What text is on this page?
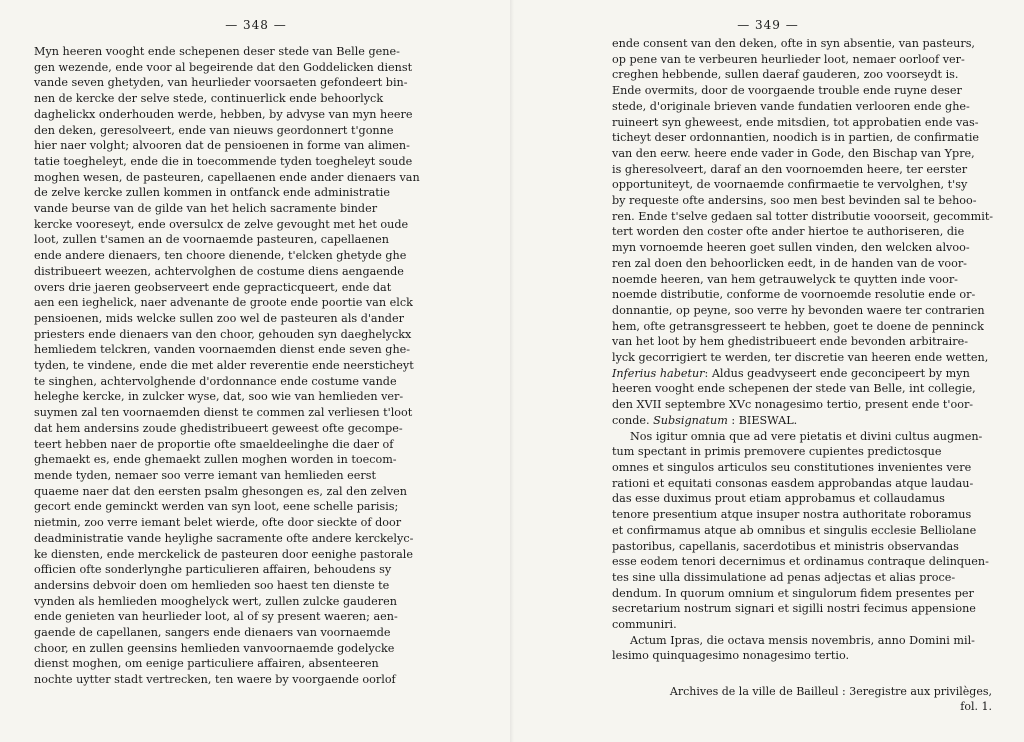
— 348 —
Myn heeren vooght ende schepenen deser stede van Belle gene-
gen wezende, ende voor al begeirende dat den Goddelicken dienst
vande seven ghetyden, van heurlieder voorsaeten gefondeert bin-
nen de kercke der selve stede, continuerlick ende behoorlyck
daghelickx onderhouden werde, hebben, by advyse van myn heere
den deken, geresolveert, ende van nieuws geordonnert t'gonne
hier naer volght; alvooren dat de pensioenen in forme van alimen-
tatie toegheleyt, ende die in toecommende tyden toegheleyt soude
moghen wesen, de pasteuren, capellaenen ende ander dienaers van
de zelve kercke zullen kommen in ontfanck ende administratie
vande beurse van de gilde van het helich sacramente binder
kercke vooreseyt, ende oversulcx de zelve gevought met het oude
loot, zullen t'samen an de voornaemde pasteuren, capellaenen
ende andere dienaers, ten choore dienende, t'elcken ghetyde ghe
distribueert weezen, achtervolghen de costume diens aengaende
overs drie jaeren geobserveert ende gepracticqueert, ende dat
aen een ieghelick, naer advenante de groote ende poortie van elck
pensioenen, mids welcke sullen zoo wel de pasteuren als d'ander
priesters ende dienaers van den choor, gehouden syn daeghelyckx
hemliedem telckren, vanden voornaemden dienst ende seven ghe-
tyden, te vindene, ende die met alder reverentie ende neersticheyt
te singhen, achtervolghende d'ordonnance ende costume vande
heleghe kercke, in zulcker wyse, dat, soo wie van hemlieden ver-
suymen zal ten voornaemden dienst te commen zal verliesen t'loot
dat hem andersins zoude ghedistribueert geweest ofte gecompe-
teert hebben naer de proportie ofte smaeldeelinghe die daer of
ghemaekt es, ende ghemaekt zullen moghen worden in toecom-
mende tyden, nemaer soo verre iemant van hemlieden eerst
quaeme naer dat den eersten psalm ghesongen es, zal den zelven
gecort ende geminckt werden van syn loot, eene schelle parisis;
nietmin, zoo verre iemant belet wierde, ofte door sieckte of door
deadministratie vande heylighe sacramente ofte andere kerckelyc-
ke diensten, ende merckelick de pasteuren door eenighe pastorale
officien ofte sonderlynghe particulieren affairen, behoudens sy
andersins debvoir doen om hemlieden soo haest ten dienste te
vynden als hemlieden mooghelyck wert, zullen zulcke gauderen
ende genieten van heurlieder loot, al of sy present waeren; aen-
gaende de capellanen, sangers ende dienaers van voornaemde
choor, en zullen geensins hemlieden vanvoornaemde godelycke
dienst moghen, om eenige particuliere affairen, absenteeren
nochte uytter stadt vertrecken, ten waere by voorgaende oorlof
— 349 —
ende consent van den deken, ofte in syn absentie, van pasteurs,
op pene van te verbeuren heurlieder loot, nemaer oorloof ver-
creghen hebbende, sullen daeraf gauderen, zoo voorseydt is.
Ende overmits, door de voorgaende trouble ende ruyne deser
stede, d'originale brieven vande fundatien verlooren ende ghe-
ruineert syn gheweest, ende mitsdien, tot approbatien ende vas-
ticheyt deser ordonnantien, noodich is in partien, de confirmatie
van den eerw. heere ende vader in Gode, den Bischap van Ypre,
is gheresolveert, daraf an den voornoemden heere, ter eerster
opportuniteyt, de voornaemde confirmaetie te vervolghen, t'sy
by requeste ofte andersins, soo men best bevinden sal te behoo-
ren. Ende t'selve gedaen sal totter distributie vooorseit, gecommit-
tert worden den coster ofte ander hiertoe te authoriseren, die
myn vornoemde heeren goet sullen vinden, den welcken alvoo-
ren zal doen den behoorlicken eedt, in de handen van de voor-
noemde heeren, van hem getrauwelyck te quytten inde voor-
noemde distributie, conforme de voornoemde resolutie ende or-
donnantie, op peyne, soo verre hy bevonden waere ter contrarien
hem, ofte getransgresseert te hebben, goet te doene de penninck
van het loot by hem ghedistribueert ende bevonden arbitraire-
lyck gecorrigiert te werden, ter discretie van heeren ende wetten,
Inferius habetur: Aldus geadvyseert ende geconcipeert by myn
heeren vooght ende schepenen der stede van Belle, int collegie,
den XVII septembre XVc nonagesimo tertio, present ende t'oor-
conde. Subsignatum : BIESWAL.
Nos igitur omnia que ad vere pietatis et divini cultus augmen-
tum spectant in primis premovere cupientes predictosque
omnes et singulos articulos seu constitutiones invenientes vere
rationi et equitati consonas easdem approbandas atque laudau-
das esse duximus prout etiam approbamus et collaudamus
tenore presentium atque insuper nostra authoritate roboramus
et confirmamus atque ab omnibus et singulis ecclesie Belliolane
pastoribus, capellanis, sacerdotibus et ministris observandas
esse eodem tenori decernimus et ordinamus contraque delinquen-
tes sine ulla dissimulatione ad penas adjectas et alias proce-
dendum. In quorum omnium et singulorum fidem presentes per
secretarium nostrum signari et sigilli nostri fecimus appensione
communiri.
Actum Ipras, die octava mensis novembris, anno Domini mil-
lesimo quinquagesimo nonagesimo tertio.
Archives de la ville de Bailleul : 3eregistre aux privilèges, fol. 1.
